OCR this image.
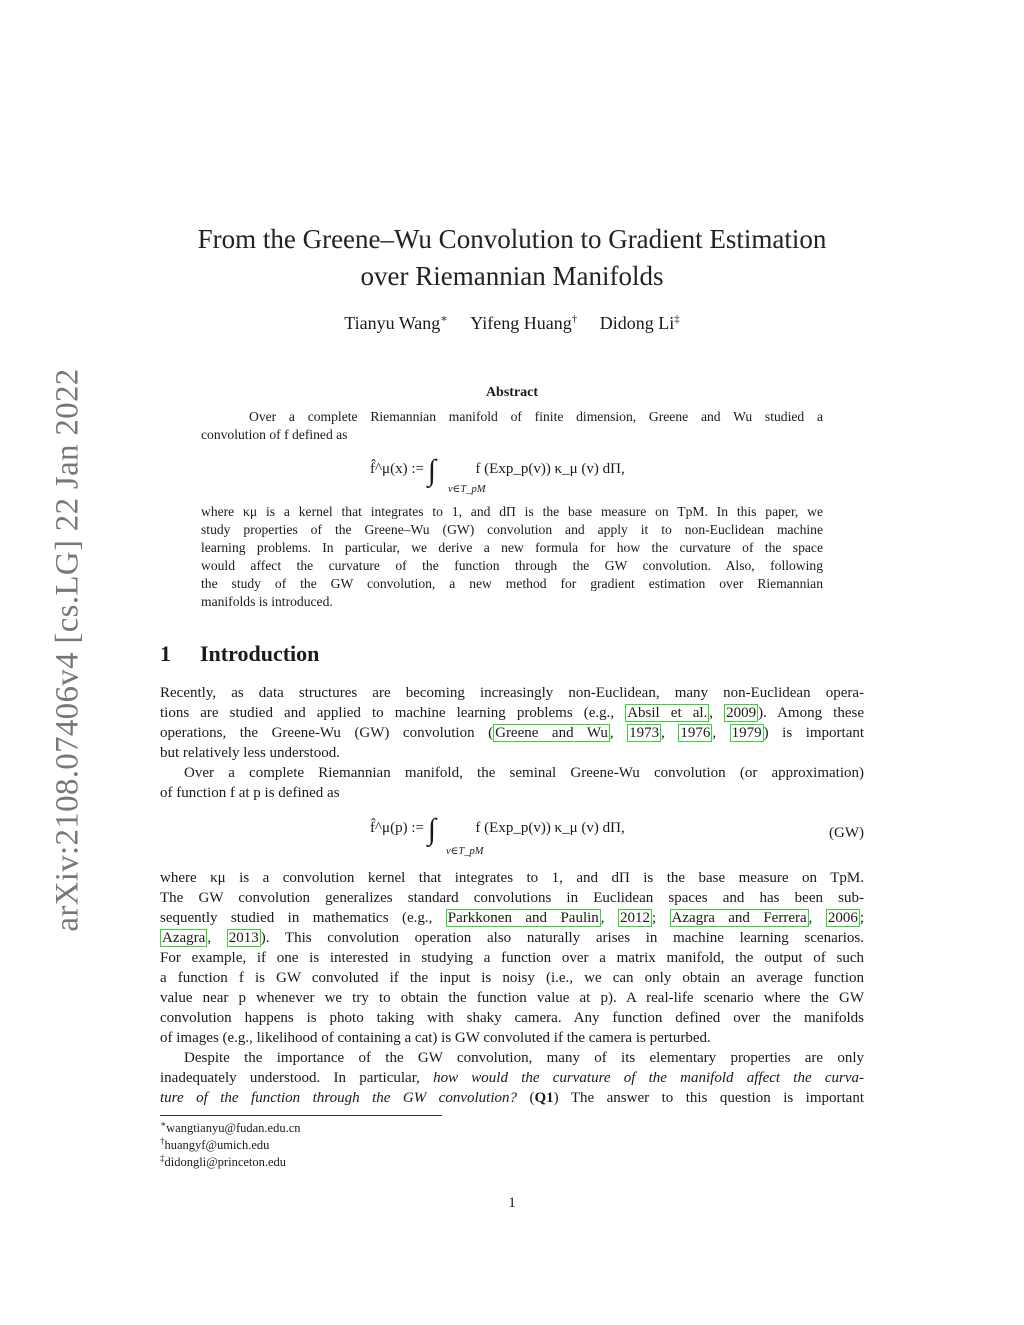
arXiv:2108.07406v4 [cs.LG] 22 Jan 2022
From the Greene–Wu Convolution to Gradient Estimation
over Riemannian Manifolds
Tianyu Wang∗ Yifeng Huang† Didong Li‡
Abstract
Over a complete Riemannian manifold of finite dimension, Greene and Wu studied a
convolution of f defined as
f̂^μ(x) := ∫	f (Exp_p(v)) κ_μ (v) dΠ,
v∈T_pM
where κμ is a kernel that integrates to 1, and dΠ is the base measure on TpM. In this paper, we
study properties of the Greene–Wu (GW) convolution and apply it to non-Euclidean machine
learning problems. In particular, we derive a new formula for how the curvature of the space
would affect the curvature of the function through the GW convolution. Also, following
the study of the GW convolution, a new method for gradient estimation over Riemannian
manifolds is introduced.
1 Introduction
Recently, as data structures are becoming increasingly non-Euclidean, many non-Euclidean opera-
tions are studied and applied to machine learning problems (e.g., Absil et al. , 2009 ). Among these
operations, the Greene-Wu (GW) convolution ( Greene and Wu , 1973 , 1976 , 1979 ) is important
but relatively less understood.
Over a complete Riemannian manifold, the seminal Greene-Wu convolution (or approximation)
of function f at p is defined as
f̂^μ(p) := ∫	f (Exp_p(v)) κ_μ (v) dΠ,
v∈T_pM
(GW)
where κμ is a convolution kernel that integrates to 1, and dΠ is the base measure on TpM.
The GW convolution generalizes standard convolutions in Euclidean spaces and has been sub-
sequently studied in mathematics (e.g., Parkkonen and Paulin , 2012 ; Azagra and Ferrera , 2006 ;
Azagra , 2013 ). This convolution operation also naturally arises in machine learning scenarios.
For example, if one is interested in studying a function over a matrix manifold, the output of such
a function f is GW convoluted if the input is noisy (i.e., we can only obtain an average function
value near p whenever we try to obtain the function value at p). A real-life scenario where the GW
convolution happens is photo taking with shaky camera. Any function defined over the manifolds
of images (e.g., likelihood of containing a cat) is GW convoluted if the camera is perturbed.
Despite the importance of the GW convolution, many of its elementary properties are only
inadequately understood. In particular, how would the curvature of the manifold affect the curva-
ture of the function through the GW convolution? (Q1) The answer to this question is important
∗wangtianyu@fudan.edu.cn
†huangyf@umich.edu
‡didongli@princeton.edu
1
